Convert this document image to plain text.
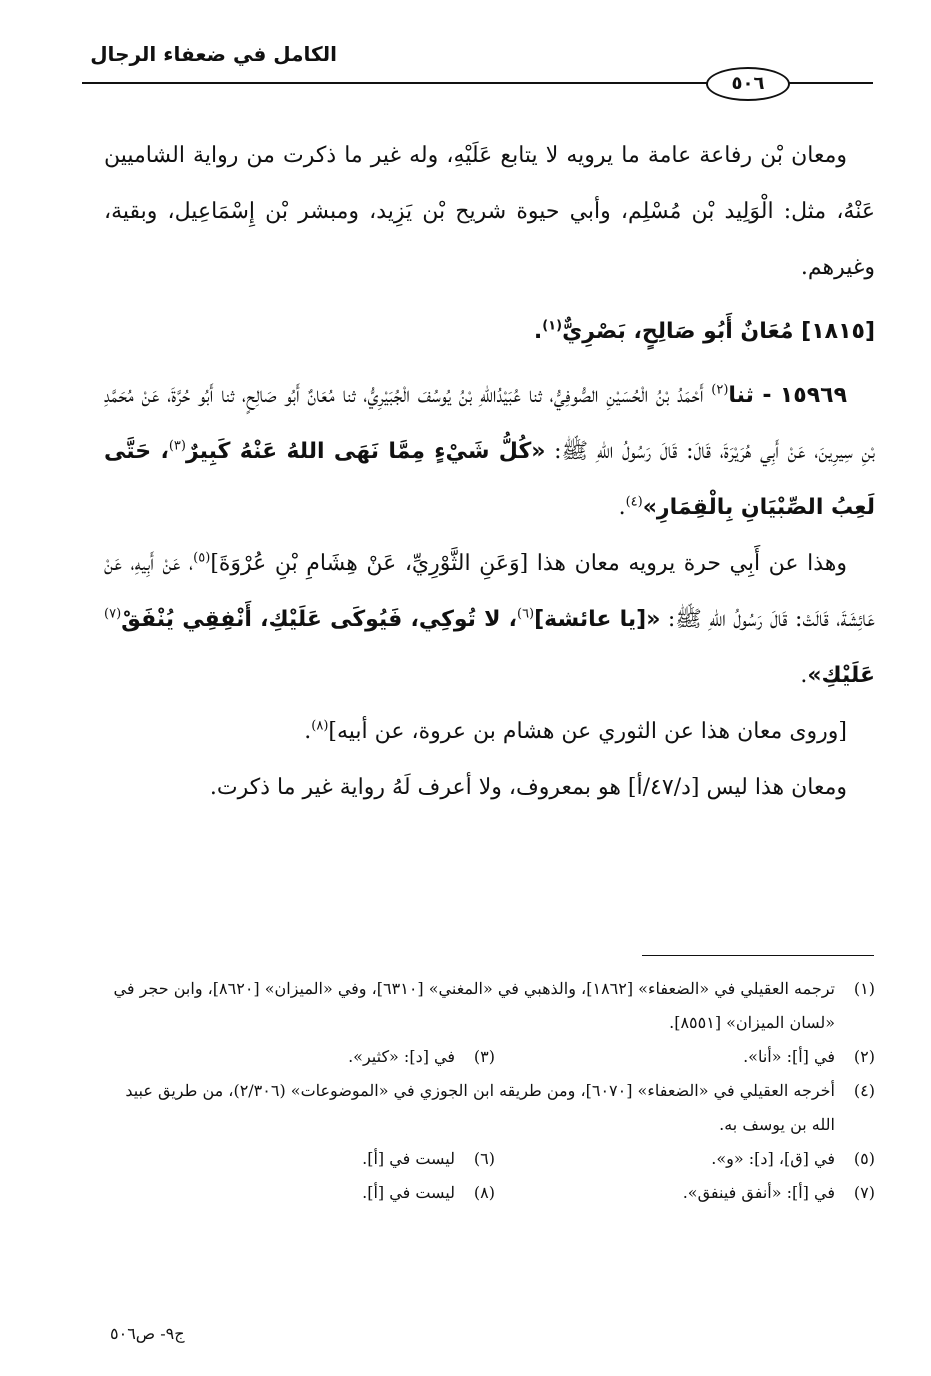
الكامل في ضعفاء الرجال
٥٠٦

ومعان بْن رفاعة عامة ما يرويه لا يتابع عَلَيْهِ، وله غير ما ذكرت من رواية الشاميين عَنْهُ، مثل: الْوَلِيد بْن مُسْلِم، وأبي حيوة شريح بْن يَزِيد، ومبشر بْن إِسْمَاعِيل، وبقية، وغيرهم.

[١٨١٥] مُعَانٌ أَبُو صَالِحٍ، بَصْرِيٌّ$^{(١)}$.

١٥٩٦٩ - ثنا$^{(٢)}$ أَحْمَدُ بْنُ الْحُسَيْنِ الصُّوفِيُّ، ثنا عُبَيْدُاللهِ بْنُ يُوسُفَ الْجُبَيْرِيُّ، ثنا مُعَانٌ أَبُو صَالِحٍ، ثنا أَبُو حُرَّةَ، عَنْ مُحَمَّدِ بْنِ سِيرِينَ، عَنْ أَبِي هُرَيْرَةَ، قَالَ: قَالَ رَسُولُ اللهِ ﷺ: «كُلُّ شَيْءٍ مِمَّا نَهَى اللهُ عَنْهُ كَبِيرٌ$^{(٣)}$، حَتَّى لَعِبُ الصِّبْيَانِ بِالْقِمَارِ»$^{(٤)}$.

وهذا عن أَبِي حرة يرويه معان هذا [وَعَنِ الثَّوْرِيِّ، عَنْ هِشَامِ بْنِ عُرْوَةَ]$^{(٥)}$، عَنْ أَبِيهِ، عَنْ عَائِشَةَ، قَالَتْ: قَالَ رَسُولُ اللهِ ﷺ: «[يا عائشة]$^{(٦)}$، لا تُوكِي، فَيُوكَى عَلَيْكِ، أَنْفِقِي يُنْفَقْ$^{(٧)}$ عَلَيْكِ».

[وروى معان هذا عن الثوري عن هشام بن عروة، عن أبيه]$^{(٨)}$.

ومعان هذا ليس [د/٤٧/أ] هو بمعروف، ولا أعرف لَهُ رواية غير ما ذكرت.

(١)
ترجمه العقيلي في «الضعفاء» [١٨٦٢]، والذهبي في «المغني» [٦٣١٠]، وفي «الميزان» [٨٦٢٠]، وابن حجر في «لسان الميزان» [٨٥٥١].
(٢)
في [أ]: «أنا».
(٣)
في [د]: «كثير».
(٤)
أخرجه العقيلي في «الضعفاء» [٦٠٧٠]، ومن طريقه ابن الجوزي في «الموضوعات» (٢/٣٠٦)، من طريق عبيد الله بن يوسف به.
(٥)
في [ق]، [د]: «و».
(٦)
ليست في [أ].
(٧)
في [أ]: «أنفق فينفق».
(٨)
ليست في [أ].
ج٩- ص٥٠٦
